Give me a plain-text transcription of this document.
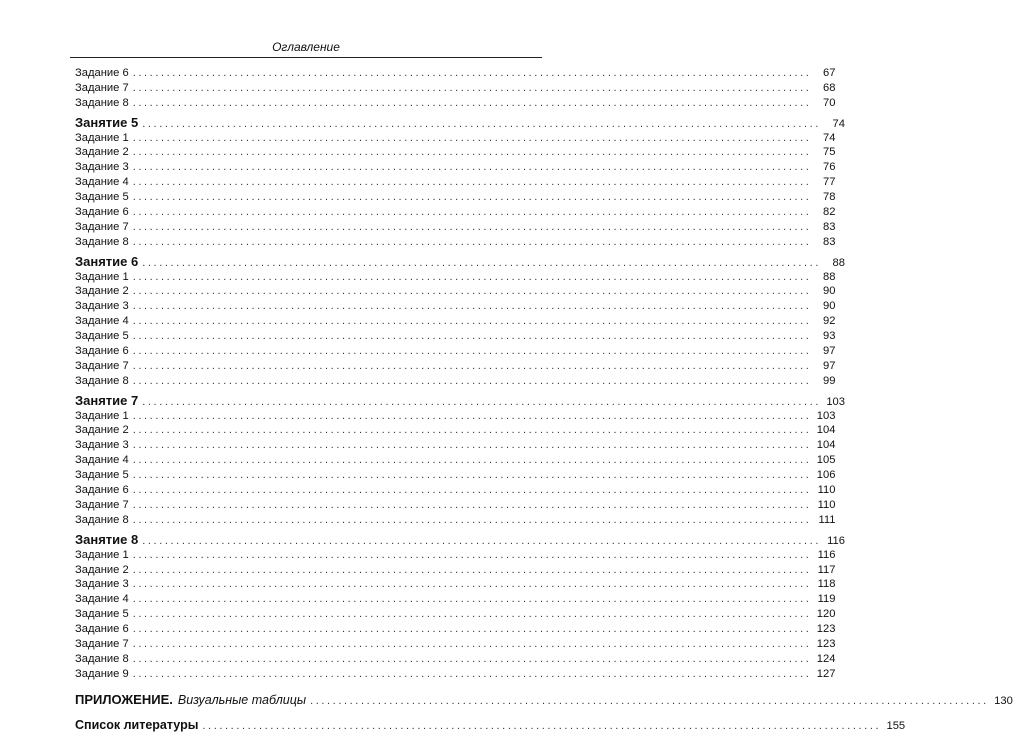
Оглавление
Задание 6 ........................................................................................................................	67
Задание 7 ........................................................................................................................	68
Задание 8 ........................................................................................................................	70
Занятие 5 ........................................................................................................................	74
Задание 1 ........................................................................................................................	74
Задание 2 ........................................................................................................................	75
Задание 3 ........................................................................................................................	76
Задание 4 ........................................................................................................................	77
Задание 5 ........................................................................................................................	78
Задание 6 ........................................................................................................................	82
Задание 7 ........................................................................................................................	83
Задание 8 ........................................................................................................................	83
Занятие 6 ........................................................................................................................	88
Задание 1 ........................................................................................................................	88
Задание 2 ........................................................................................................................	90
Задание 3 ........................................................................................................................	90
Задание 4 ........................................................................................................................	92
Задание 5 ........................................................................................................................	93
Задание 6 ........................................................................................................................	97
Задание 7 ........................................................................................................................	97
Задание 8 ........................................................................................................................	99
Занятие 7 ........................................................................................................................ 103
Задание 1 ........................................................................................................................ 103
Задание 2 ........................................................................................................................ 104
Задание 3 ........................................................................................................................ 104
Задание 4 ........................................................................................................................ 105
Задание 5 ........................................................................................................................ 106
Задание 6 ........................................................................................................................ 110
Задание 7 ........................................................................................................................ 110
Задание 8 ........................................................................................................................ 111
Занятие 8 ........................................................................................................................ 116
Задание 1 ........................................................................................................................ 116
Задание 2 ........................................................................................................................ 117
Задание 3 ........................................................................................................................ 118
Задание 4 ........................................................................................................................ 119
Задание 5 ........................................................................................................................ 120
Задание 6 ........................................................................................................................ 123
Задание 7 ........................................................................................................................ 123
Задание 8 ........................................................................................................................ 124
Задание 9 ........................................................................................................................ 127
ПРИЛОЖЕНИЕ. Визуальные таблицы ........................................................................................................................ 130
Список литературы ........................................................................................................................ 155
